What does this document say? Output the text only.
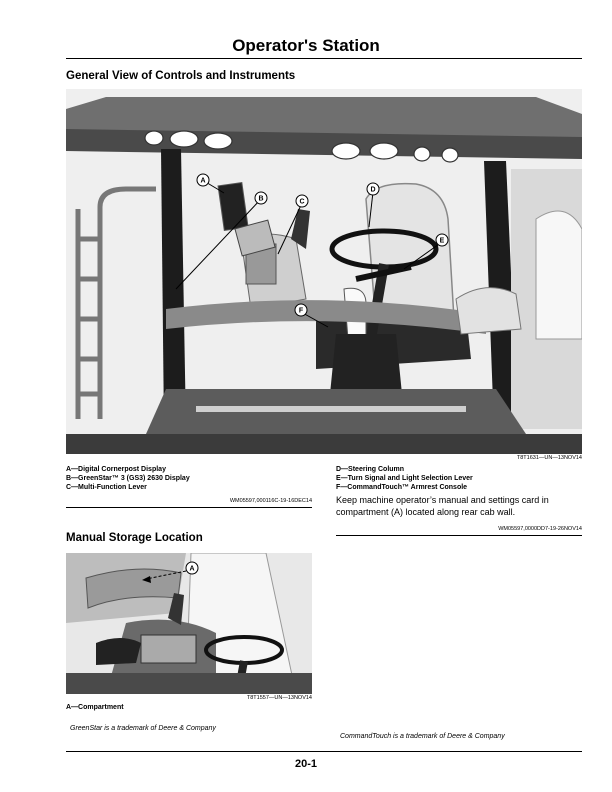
Operator's Station
General View of Controls and Instruments
A
B	C
D
E
F
T8T1631—UN—13NOV14
A—Digital Cornerpost Display
B—GreenStar™ 3 (GS3) 2630 Display
C—Multi-Function Lever
D—Steering Column
E—Turn Signal and Light Selection Lever
F—CommandTouch™ Armrest Console
WM05597,000116C-19-16DEC14	Keep machine operator’s manual and settings card in compartment (A) located along rear cab wall.
WM05597,0000DD7-19-26NOV14
Manual Storage Location
A
T8T1557—UN—13NOV14
A—Compartment
GreenStar is a trademark of Deere & Company
CommandTouch is a trademark of Deere & Company
20-1
